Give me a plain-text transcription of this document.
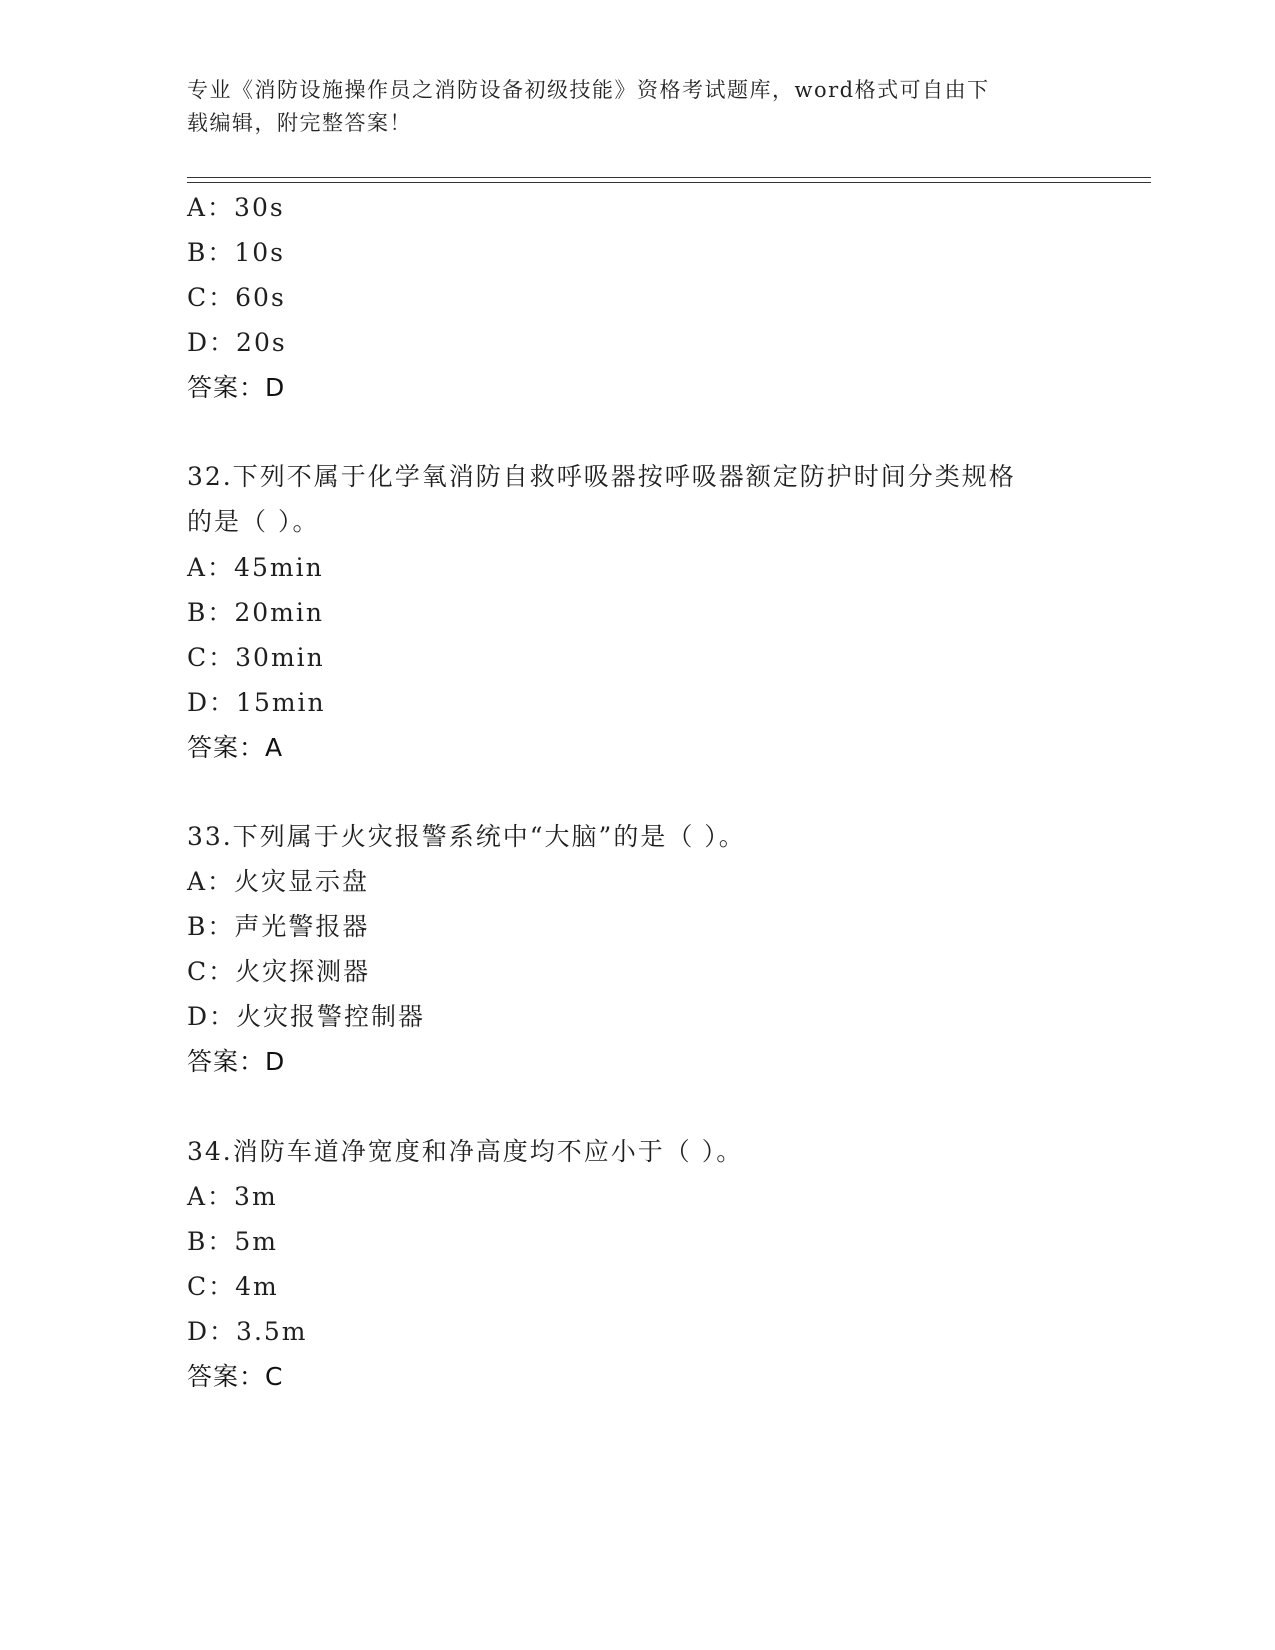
专业《消防设施操作员之消防设备初级技能》资格考试题库，word格式可自由下
载编辑，附完整答案！
A：30s
B：10s
C：60s
D：20s
答案：D
32.下列不属于化学氧消防自救呼吸器按呼吸器额定防护时间分类规格
的是（ ）。
A：45min
B：20min
C：30min
D：15min
答案：A
33.下列属于火灾报警系统中“大脑”的是（ ）。
A：火灾显示盘
B：声光警报器
C：火灾探测器
D：火灾报警控制器
答案：D
34.消防车道净宽度和净高度均不应小于（ ）。
A：3m
B：5m
C：4m
D：3.5m
答案：C
